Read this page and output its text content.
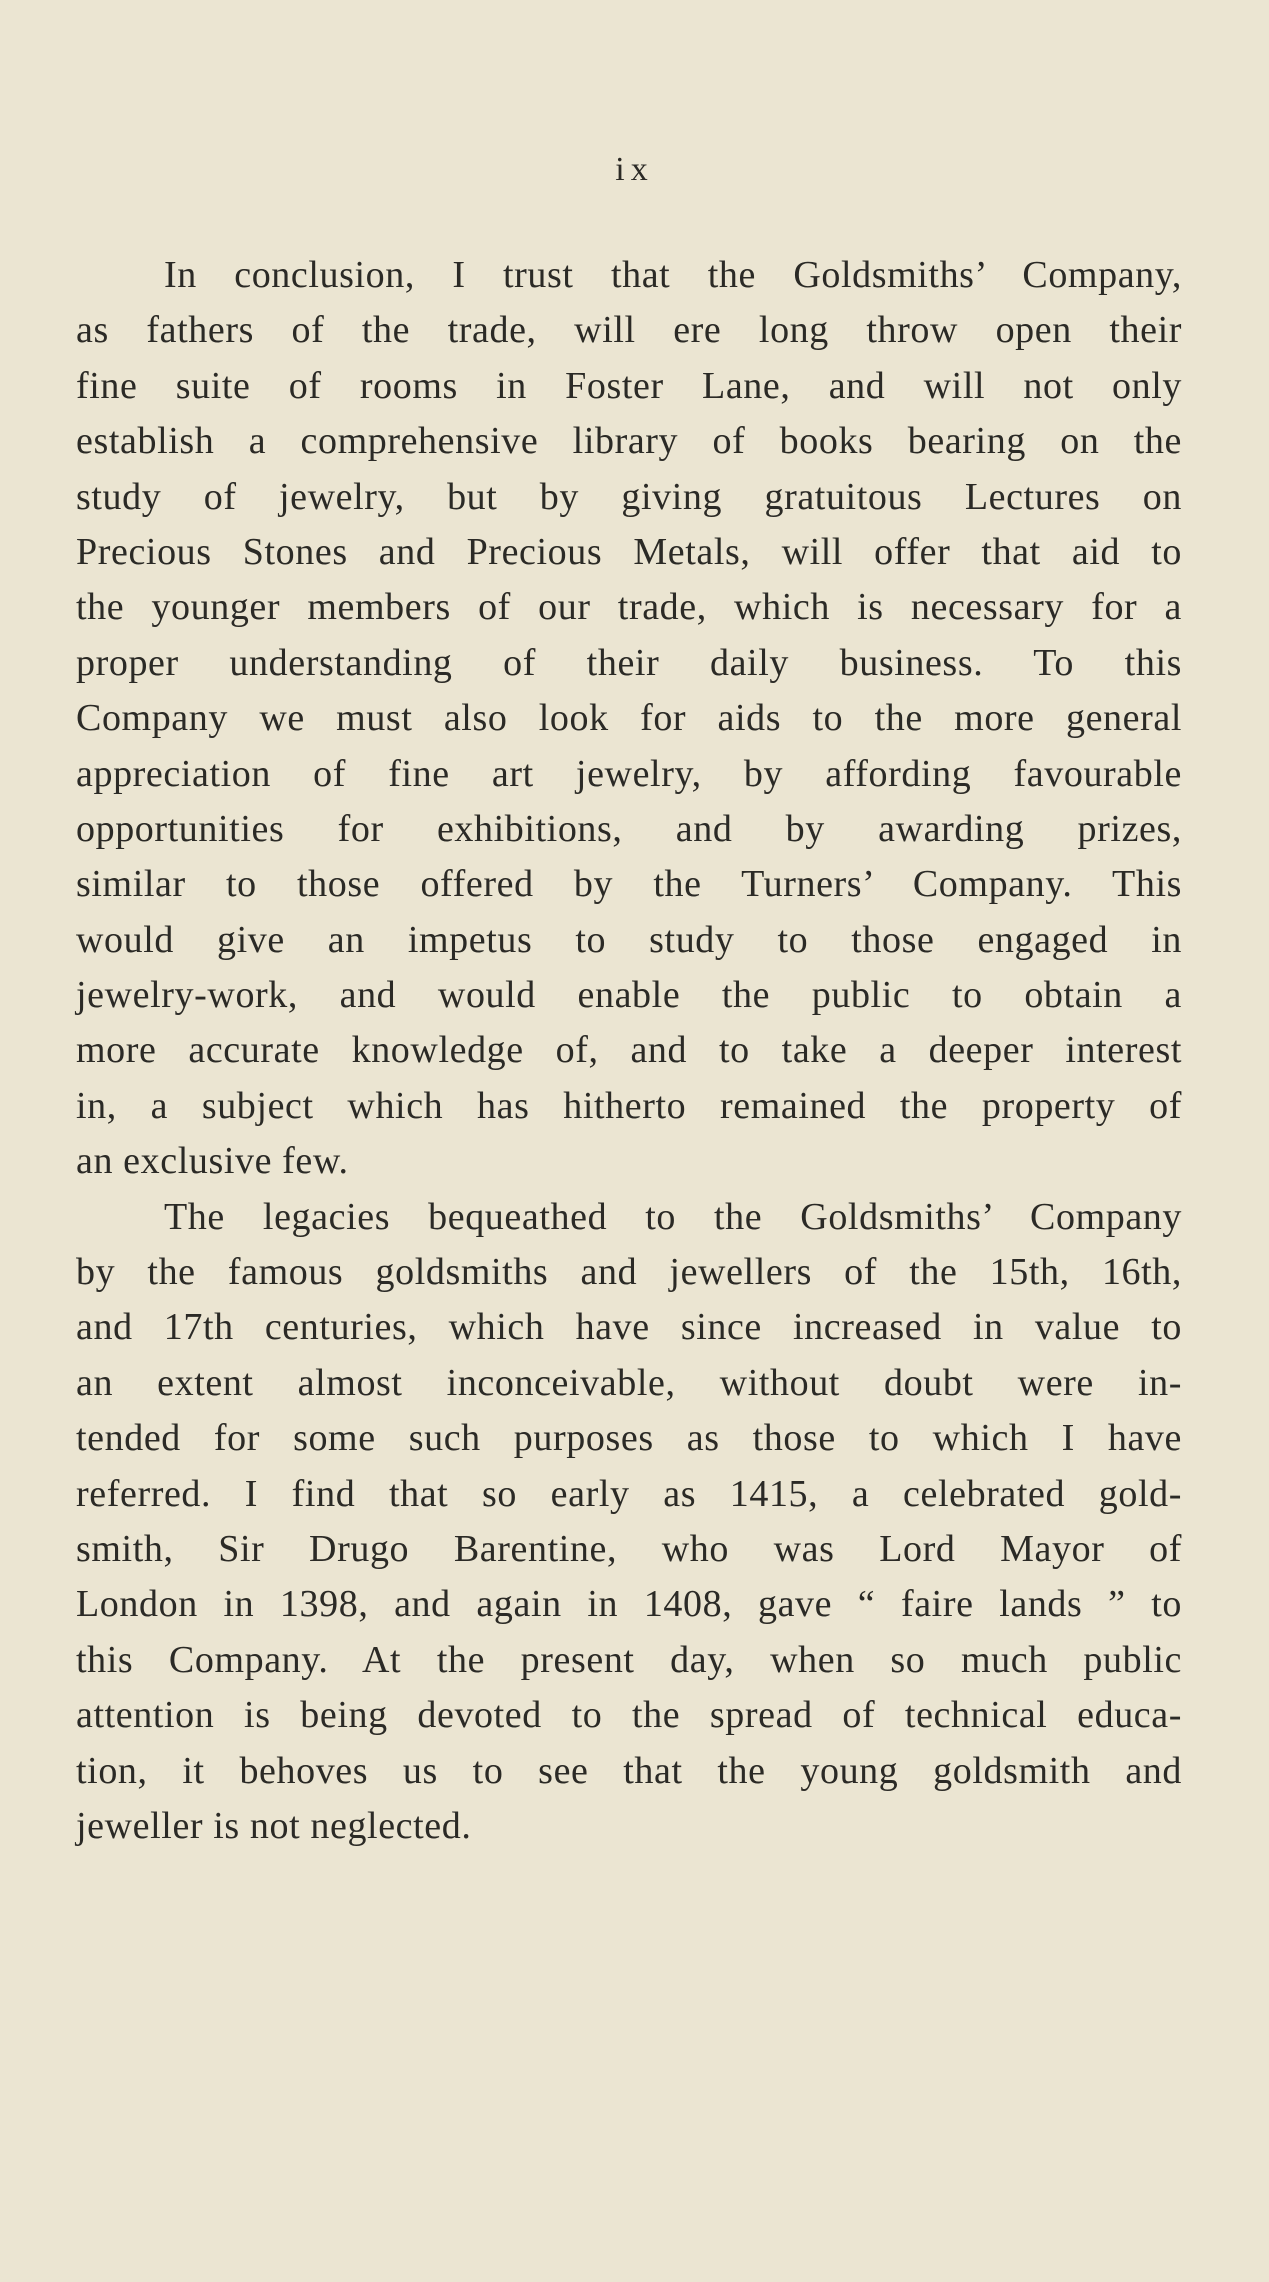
ix
In conclusion, I trust that the Goldsmiths’ Company,
as fathers of the trade, will ere long throw open their
fine suite of rooms in Foster Lane, and will not only
establish a comprehensive library of books bearing on the
study of jewelry, but by giving gratuitous Lectures on
Precious Stones and Precious Metals, will offer that aid to
the younger members of our trade, which is necessary for a
proper understanding of their daily business. To this
Company we must also look for aids to the more general
appreciation of fine art jewelry, by affording favourable
opportunities for exhibitions, and by awarding prizes,
similar to those offered by the Turners’ Company. This
would give an impetus to study to those engaged in
jewelry-work, and would enable the public to obtain a
more accurate knowledge of, and to take a deeper interest
in, a subject which has hitherto remained the property of
an exclusive few.
The legacies bequeathed to the Goldsmiths’ Company
by the famous goldsmiths and jewellers of the 15th, 16th,
and 17th centuries, which have since increased in value to
an extent almost inconceivable, without doubt were in-
tended for some such purposes as those to which I have
referred. I find that so early as 1415, a celebrated gold-
smith, Sir Drugo Barentine, who was Lord Mayor of
London in 1398, and again in 1408, gave “ faire lands ” to
this Company. At the present day, when so much public
attention is being devoted to the spread of technical educa-
tion, it behoves us to see that the young goldsmith and
jeweller is not neglected.
